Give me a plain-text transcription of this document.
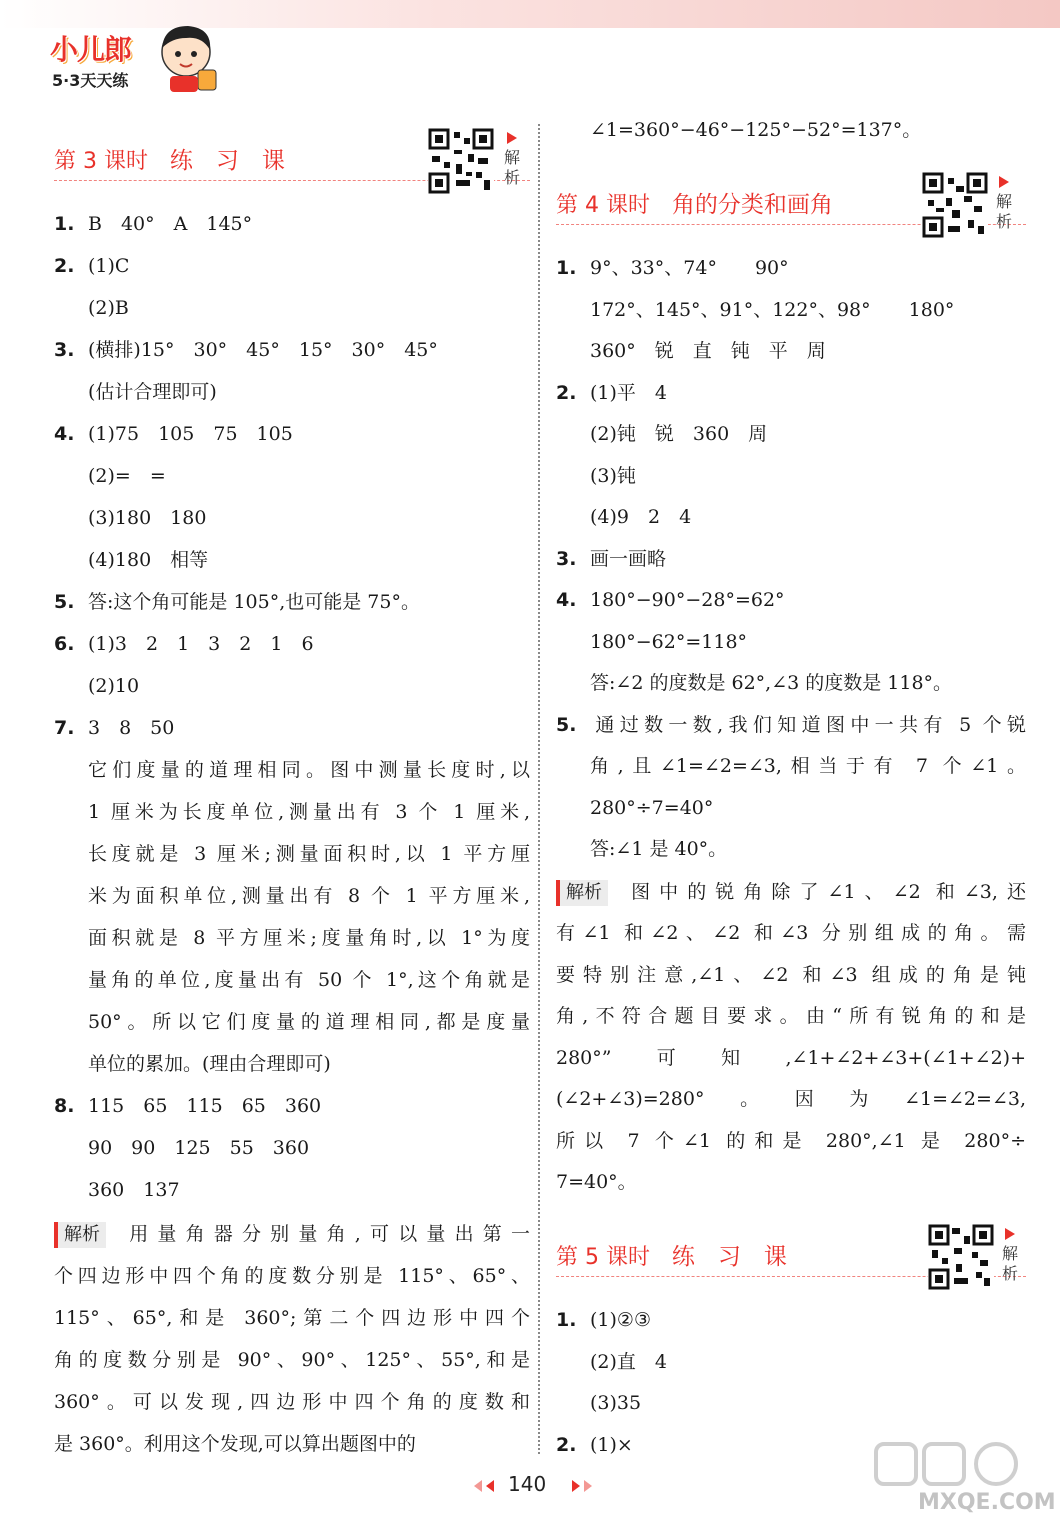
小儿郎
5·3天天练
第 3 课时 练　习　课	解析
1. B　40°　A　145°
2. (1)C
(2)B
3. (横排)15°　30°　45°　15°　30°　45°
(估计合理即可)
4. (1)75　105　75　105
(2)=　=
(3)180　180
(4)180　相等
5. 答:这个角可能是 105°,也可能是 75°。
6. (1)3　2　1　3　2　1　6
(2)10
7. 3　8　50
它们度量的道理相同。图中测量长度时,以
1 厘米为长度单位,测量出有 3 个 1 厘米,
长度就是 3 厘米;测量面积时,以 1 平方厘
米为面积单位,测量出有 8 个 1 平方厘米,
面积就是 8 平方厘米;度量角时,以 1°为度
量角的单位,度量出有 50 个 1°,这个角就是
50°。所以它们度量的道理相同,都是度量
单位的累加。(理由合理即可)
8. 115　65　115　65　360
90　90　125　55　360
360　137
解析 用量角器分别量角,可以量出第一
个四边形中四个角的度数分别是 115°、65°、
115°、65°,和是 360°;第二个四边形中四个
角的度数分别是 90°、90°、125°、55°,和是
360°。可以发现,四边形中四个角的度数和
是 360°。利用这个发现,可以算出题图中的
∠1=360°−46°−125°−52°=137°。
第 4 课时 角的分类和画角	解析
1. 9°、33°、74°　　90°
172°、145°、91°、122°、98°　　180°
360°　锐　直　钝　平　周
2. (1)平　4
(2)钝　锐　360　周
(3)钝
(4)9　2　4
3. 画一画略
4. 180°−90°−28°=62°
180°−62°=118°
答:∠2 的度数是 62°,∠3 的度数是 118°。
5. 通过数一数,我们知道图中一共有 5 个锐
角,且∠1=∠2=∠3,相当于有 7 个∠1。
280°÷7=40°
答:∠1 是 40°。
解析 图中的锐角除了∠1、∠2 和∠3,还
有∠1 和∠2、∠2 和∠3 分别组成的角。需
要特别注意,∠1、∠2 和∠3 组成的角是钝
角,不符合题目要求。由“所有锐角的和是
280°”可知,∠1+∠2+∠3+(∠1+∠2)+
(∠2+∠3)=280°。因为∠1=∠2=∠3,
所以 7 个∠1 的和是 280°,∠1 是 280°÷
7=40°。
第 5 课时 练　习　课	解析
1. (1)②③
(2)直　4
(3)35
2. (1)×
140
MXQE.COM
